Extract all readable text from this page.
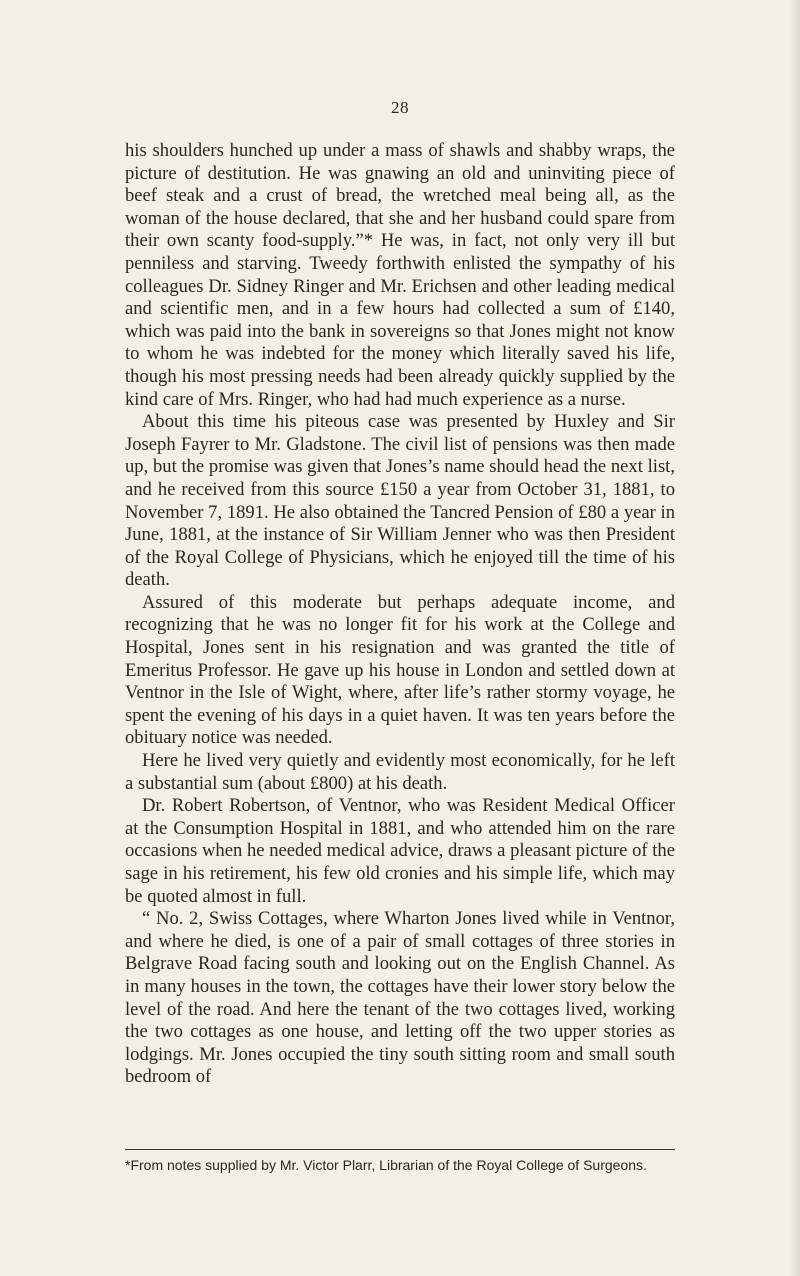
28

his shoulders hunched up under a mass of shawls and shabby wraps, the picture of destitution. He was gnawing an old and uninviting piece of beef steak and a crust of bread, the wretched meal being all, as the woman of the house declared, that she and her husband could spare from their own scanty food-supply.”* He was, in fact, not only very ill but penniless and starving. Tweedy forthwith enlisted the sympathy of his colleagues Dr. Sidney Ringer and Mr. Erichsen and other leading medical and scientific men, and in a few hours had collected a sum of £140, which was paid into the bank in sovereigns so that Jones might not know to whom he was indebted for the money which literally saved his life, though his most pressing needs had been already quickly supplied by the kind care of Mrs. Ringer, who had had much experience as a nurse.

About this time his piteous case was presented by Huxley and Sir Joseph Fayrer to Mr. Gladstone. The civil list of pensions was then made up, but the promise was given that Jones’s name should head the next list, and he received from this source £150 a year from October 31, 1881, to November 7, 1891. He also obtained the Tancred Pension of £80 a year in June, 1881, at the instance of Sir William Jenner who was then President of the Royal College of Physicians, which he enjoyed till the time of his death.

Assured of this moderate but perhaps adequate income, and recognizing that he was no longer fit for his work at the College and Hospital, Jones sent in his resignation and was granted the title of Emeritus Professor. He gave up his house in London and settled down at Ventnor in the Isle of Wight, where, after life’s rather stormy voyage, he spent the evening of his days in a quiet haven. It was ten years before the obituary notice was needed.

Here he lived very quietly and evidently most economically, for he left a substantial sum (about £800) at his death.

Dr. Robert Robertson, of Ventnor, who was Resident Medical Officer at the Consumption Hospital in 1881, and who attended him on the rare occasions when he needed medical advice, draws a pleasant picture of the sage in his retirement, his few old cronies and his simple life, which may be quoted almost in full.

“ No. 2, Swiss Cottages, where Wharton Jones lived while in Ventnor, and where he died, is one of a pair of small cottages of three stories in Belgrave Road facing south and looking out on the English Channel. As in many houses in the town, the cottages have their lower story below the level of the road. And here the tenant of the two cottages lived, working the two cottages as one house, and letting off the two upper stories as lodgings. Mr. Jones occupied the tiny south sitting room and small south bedroom of

*From notes supplied by Mr. Victor Plarr, Librarian of the Royal College of Surgeons.
